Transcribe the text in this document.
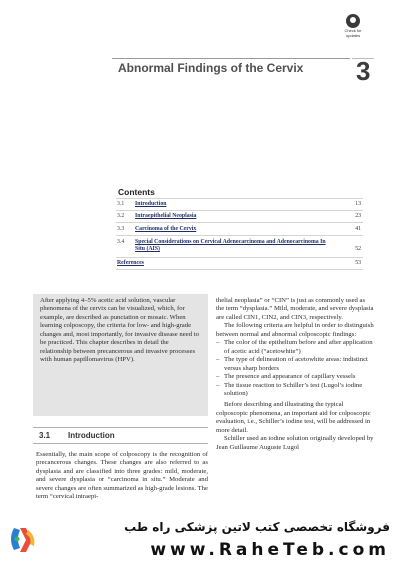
Check for updates
Abnormal Findings of the Cervix 3
Contents
3.1 Introduction	13
3.2 Intraepithelial Neoplasia	23
3.3 Carcinoma of the Cervix	41
3.4 Special Considerations on Cervical Adenocarcinoma and Adenocarcinoma In Situ (AIS)	52
References	53
After applying 4–5% acetic acid solution, vascular phenomena of the cervix can be visualized, which, for example, are described as punctation or mosaic. When learning colposcopy, the criteria for low- and high-grade changes and, most importantly, for invasive disease need to be practiced. This chapter describes in detail the relationship between precancerous and invasive processes with human papillomavirus (HPV).
3.1 Introduction
Essentially, the main scope of colposcopy is the recognition of precancerous changes. These changes are also referred to as dysplasia and are classified into three grades: mild, moderate, and severe dysplasia or “carcinoma in situ.” Moderate and severe changes are often summarized as high-grade lesions. The term “cervical intraepi-

thelial neoplasia” or “CIN” is just as commonly used as the term “dysplasia.” Mild, moderate, and severe dysplasia are called CIN1, CIN2, and CIN3, respectively.

The following criteria are helpful in order to distinguish between normal and abnormal colposcopic findings:

– The color of the epithelium before and after application of acetic acid (“acetowhite”)
– The type of delineation of acetowhite areas: indistinct versus sharp borders
– The presence and appearance of capillary vessels
– The tissue reaction to Schiller’s test (Lugol’s iodine solution)

Before describing and illustrating the typical colposcopic phenomena, an important aid for colposcopic evaluation, i.e., Schiller’s iodine test, will be addressed in more detail.

Schiller used an iodine solution originally developed by Jean Guillaume Auguste Lugol

فروشگاه تخصصی کتب لاتین پزشکی راه طب
www.RaheTeb.com
